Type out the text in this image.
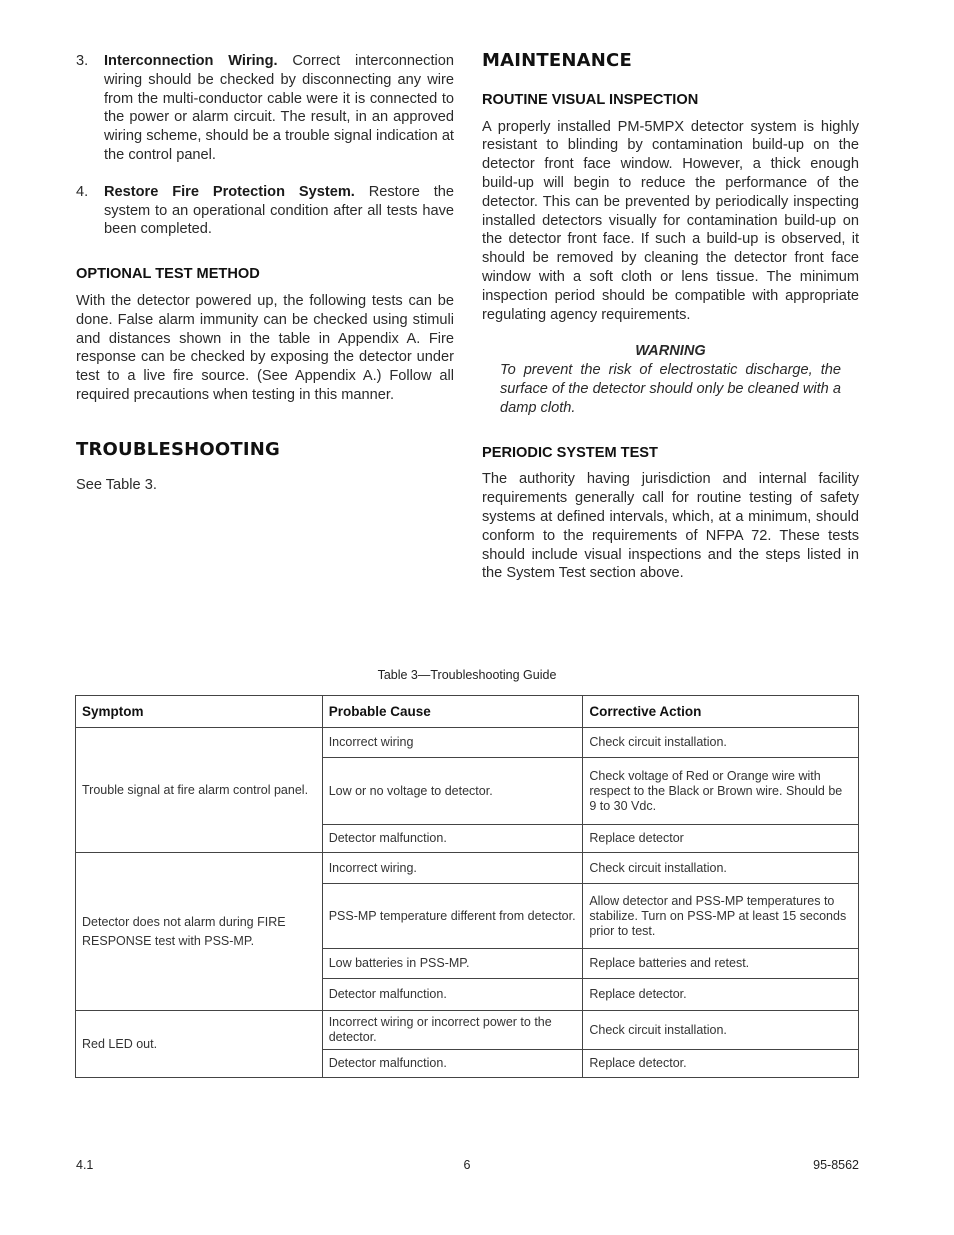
3.	Interconnection Wiring. Correct interconnection wiring should be checked by disconnecting any wire from the multi-conductor cable were it is connected to the power or alarm circuit. The result, in an approved wiring scheme, should be a trouble signal indication at the control panel.
4.	Restore Fire Protection System. Restore the system to an operational condition after all tests have been completed.
OPTIONAL TEST METHOD

With the detector powered up, the following tests can be done. False alarm immunity can be checked using stimuli and distances shown in the table in Appendix A. Fire response can be checked by exposing the detector under test to a live fire source. (See Appendix A.) Follow all required precautions when testing in this manner.

TROUBLESHOOTING

See Table 3.

MAINTENANCE
ROUTINE VISUAL INSPECTION

A properly installed PM-5MPX detector system is highly resistant to blinding by contamination build-up on the detector front face window. However, a thick enough build-up will begin to reduce the performance of the detector. This can be prevented by periodically inspecting installed detectors visually for contamination build-up on the detector front face. If such a build-up is observed, it should be removed by cleaning the detector front face window with a soft cloth or lens tissue. The minimum inspection period should be compatible with appropriate regulating agency requirements.

WARNING

To prevent the risk of electrostatic discharge, the surface of the detector should only be cleaned with a damp cloth.

PERIODIC SYSTEM TEST

The authority having jurisdiction and internal facility requirements generally call for routine testing of safety systems at defined intervals, which, at a minimum, should conform to the requirements of NFPA 72. These tests should include visual inspections and the steps listed in the System Test section above.

Table 3—Troubleshooting Guide
Symptom	Probable Cause	Corrective Action
Trouble signal at fire alarm control panel.	Incorrect wiring	Check circuit installation.
	Low or no voltage to detector.	Check voltage of Red or Orange wire with respect to the Black or Brown wire. Should be 9 to 30 Vdc.
	Detector malfunction.	Replace detector
Detector does not alarm during FIRE RESPONSE test with PSS-MP.	Incorrect wiring.	Check circuit installation.
	PSS-MP temperature different from detector.	Allow detector and PSS-MP temperatures to stabilize. Turn on PSS-MP at least 15 seconds prior to test.
	Low batteries in PSS-MP.	Replace batteries and retest.
	Detector malfunction.	Replace detector.
Red LED out.	Incorrect wiring or incorrect power to the detector.	Check circuit installation.
	Detector malfunction.	Replace detector.
4.1	6	95-8562
